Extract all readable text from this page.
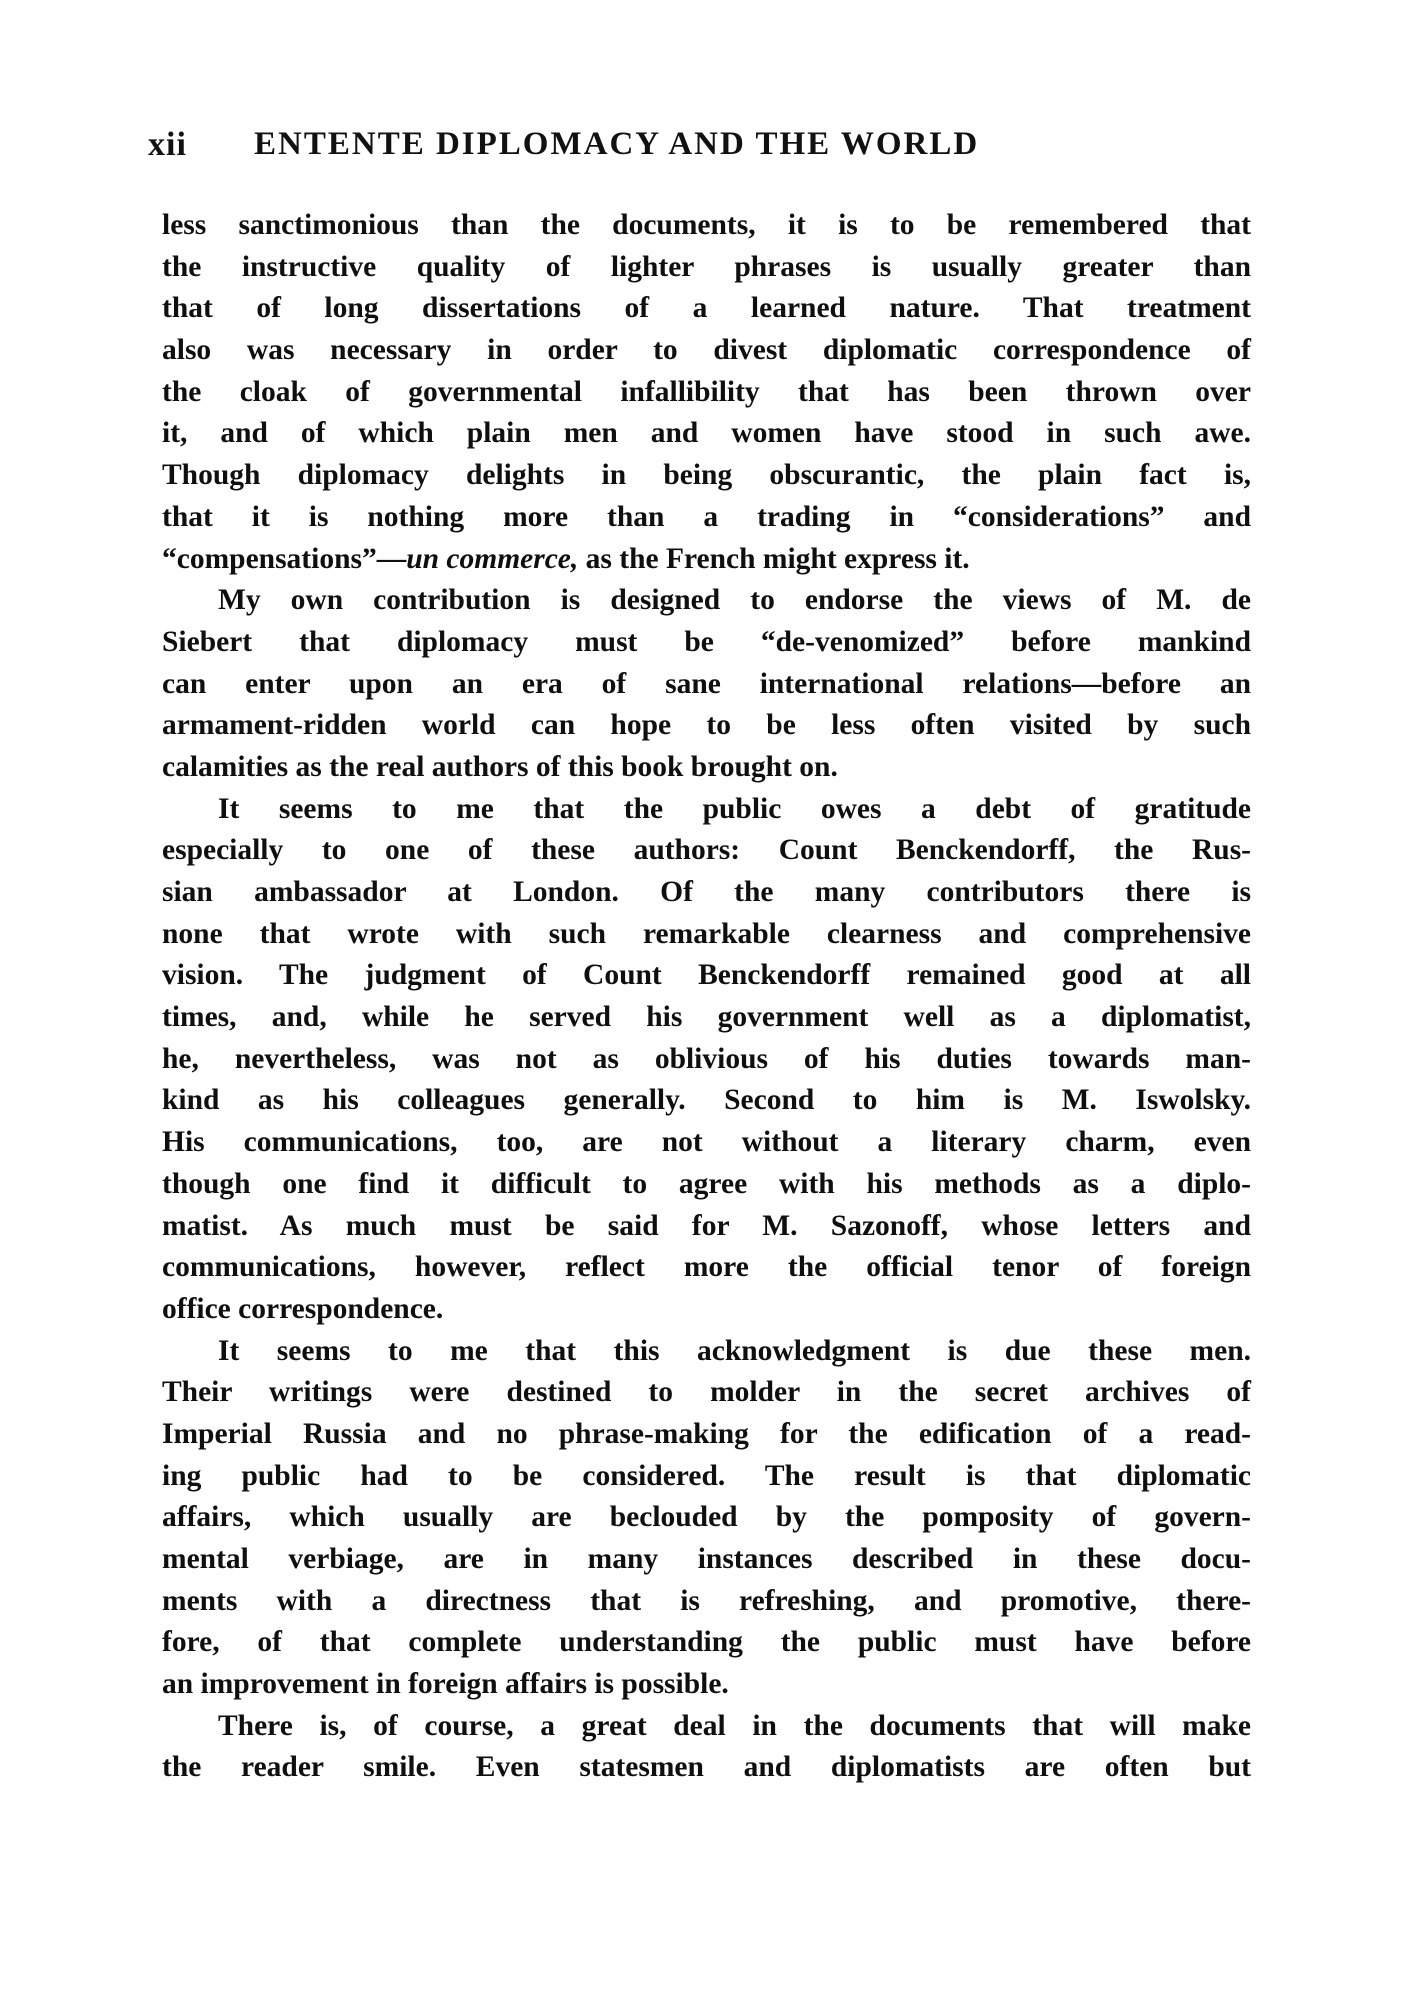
xii ENTENTE DIPLOMACY AND THE WORLD
less sanctimonious than the documents, it is to be remembered that
the instructive quality of lighter phrases is usually greater than
that of long dissertations of a learned nature. That treatment
also was necessary in order to divest diplomatic correspondence of
the cloak of governmental infallibility that has been thrown over
it, and of which plain men and women have stood in such awe.
Though diplomacy delights in being obscurantic, the plain fact is,
that it is nothing more than a trading in “considerations” and
“compensations”—un commerce, as the French might express it.
My own contribution is designed to endorse the views of M. de
Siebert that diplomacy must be “de-venomized” before mankind
can enter upon an era of sane international relations—before an
armament-ridden world can hope to be less often visited by such
calamities as the real authors of this book brought on.
It seems to me that the public owes a debt of gratitude
especially to one of these authors: Count Benckendorff, the Rus-
sian ambassador at London. Of the many contributors there is
none that wrote with such remarkable clearness and comprehensive
vision. The judgment of Count Benckendorff remained good at all
times, and, while he served his government well as a diplomatist,
he, nevertheless, was not as oblivious of his duties towards man-
kind as his colleagues generally. Second to him is M. Iswolsky.
His communications, too, are not without a literary charm, even
though one find it difficult to agree with his methods as a diplo-
matist. As much must be said for M. Sazonoff, whose letters and
communications, however, reflect more the official tenor of foreign
office correspondence.
It seems to me that this acknowledgment is due these men.
Their writings were destined to molder in the secret archives of
Imperial Russia and no phrase-making for the edification of a read-
ing public had to be considered. The result is that diplomatic
affairs, which usually are beclouded by the pomposity of govern-
mental verbiage, are in many instances described in these docu-
ments with a directness that is refreshing, and promotive, there-
fore, of that complete understanding the public must have before
an improvement in foreign affairs is possible.
There is, of course, a great deal in the documents that will make
the reader smile. Even statesmen and diplomatists are often but
